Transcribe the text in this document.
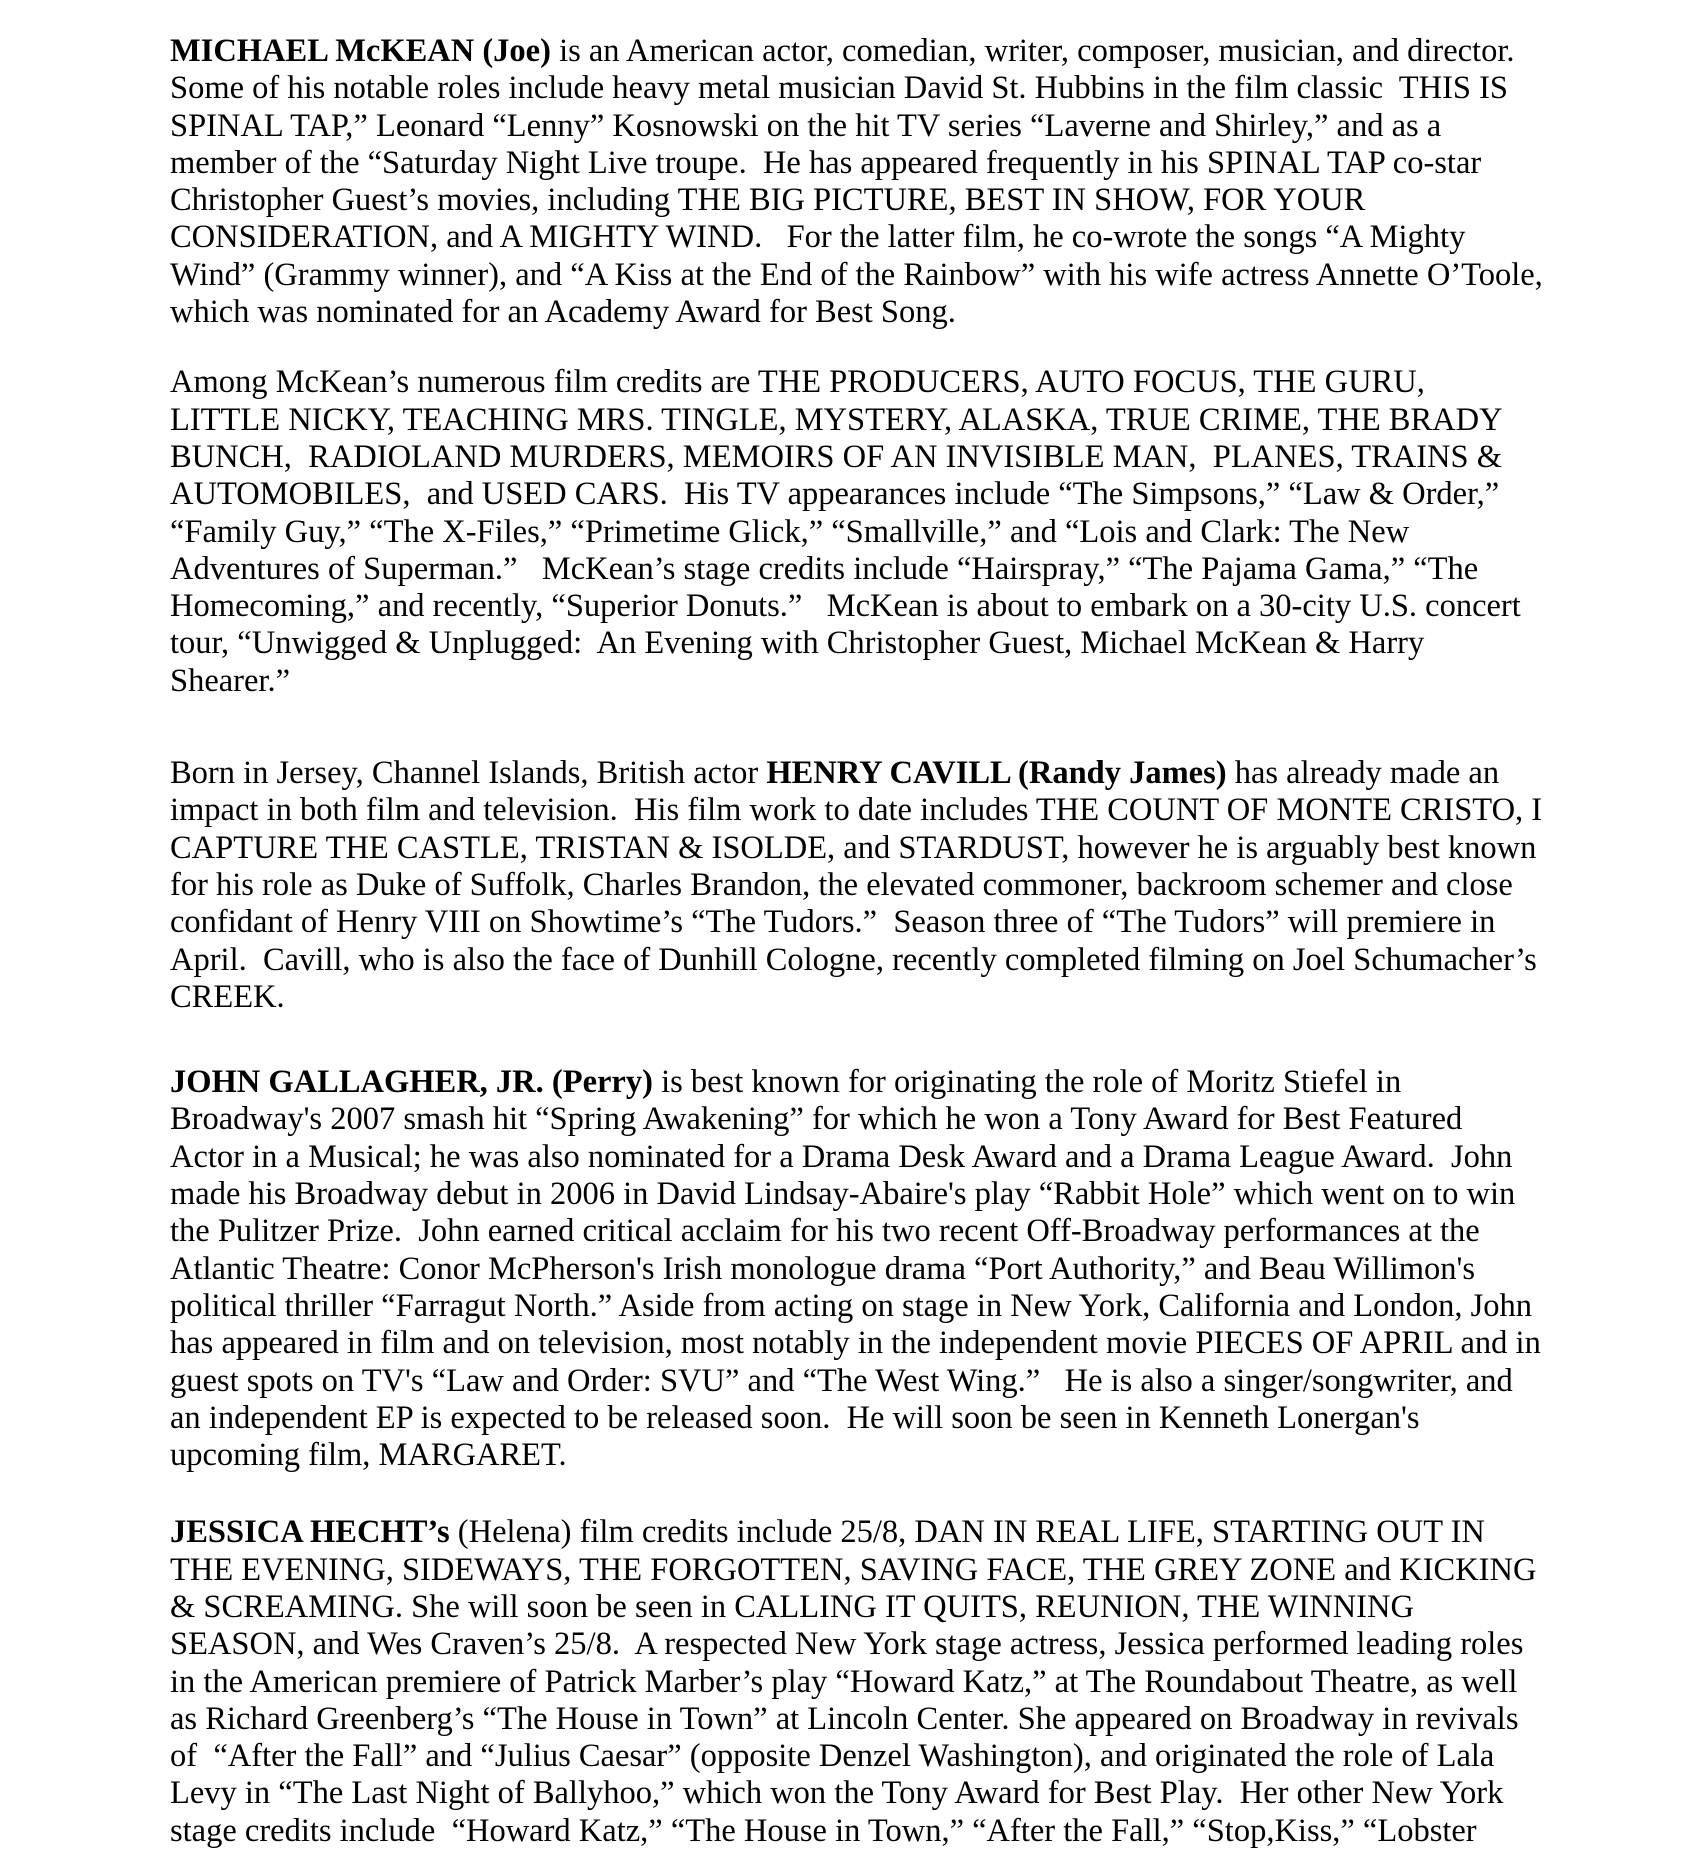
MICHAEL McKEAN (Joe) is an American actor, comedian, writer, composer, musician, and director.
Some of his notable roles include heavy metal musician David St. Hubbins in the film classic  THIS IS
SPINAL TAP,” Leonard “Lenny” Kosnowski on the hit TV series “Laverne and Shirley,” and as a
member of the “Saturday Night Live troupe.  He has appeared frequently in his SPINAL TAP co-star
Christopher Guest’s movies, including THE BIG PICTURE, BEST IN SHOW, FOR YOUR
CONSIDERATION, and A MIGHTY WIND.   For the latter film, he co-wrote the songs “A Mighty
Wind” (Grammy winner), and “A Kiss at the End of the Rainbow” with his wife actress Annette O’Toole,
which was nominated for an Academy Award for Best Song.
Among McKean’s numerous film credits are THE PRODUCERS, AUTO FOCUS, THE GURU,
LITTLE NICKY, TEACHING MRS. TINGLE, MYSTERY, ALASKA, TRUE CRIME, THE BRADY
BUNCH,  RADIOLAND MURDERS, MEMOIRS OF AN INVISIBLE MAN,  PLANES, TRAINS &
AUTOMOBILES,  and USED CARS.  His TV appearances include “The Simpsons,” “Law & Order,”
“Family Guy,” “The X-Files,” “Primetime Glick,” “Smallville,” and “Lois and Clark: The New
Adventures of Superman.”   McKean’s stage credits include “Hairspray,” “The Pajama Gama,” “The
Homecoming,” and recently, “Superior Donuts.”   McKean is about to embark on a 30-city U.S. concert
tour, “Unwigged & Unplugged:  An Evening with Christopher Guest, Michael McKean & Harry
Shearer.”
Born in Jersey, Channel Islands, British actor HENRY CAVILL (Randy James) has already made an
impact in both film and television.  His film work to date includes THE COUNT OF MONTE CRISTO, I
CAPTURE THE CASTLE, TRISTAN & ISOLDE, and STARDUST, however he is arguably best known
for his role as Duke of Suffolk, Charles Brandon, the elevated commoner, backroom schemer and close
confidant of Henry VIII on Showtime’s “The Tudors.”  Season three of “The Tudors” will premiere in
April.  Cavill, who is also the face of Dunhill Cologne, recently completed filming on Joel Schumacher’s
CREEK.
JOHN GALLAGHER, JR. (Perry) is best known for originating the role of Moritz Stiefel in
Broadway's 2007 smash hit “Spring Awakening” for which he won a Tony Award for Best Featured
Actor in a Musical; he was also nominated for a Drama Desk Award and a Drama League Award.  John
made his Broadway debut in 2006 in David Lindsay-Abaire's play “Rabbit Hole” which went on to win
the Pulitzer Prize.  John earned critical acclaim for his two recent Off-Broadway performances at the
Atlantic Theatre: Conor McPherson's Irish monologue drama “Port Authority,” and Beau Willimon's
political thriller “Farragut North.” Aside from acting on stage in New York, California and London, John
has appeared in film and on television, most notably in the independent movie PIECES OF APRIL and in
guest spots on TV's “Law and Order: SVU” and “The West Wing.”   He is also a singer/songwriter, and
an independent EP is expected to be released soon.  He will soon be seen in Kenneth Lonergan's
upcoming film, MARGARET.
JESSICA HECHT’s (Helena) film credits include 25/8, DAN IN REAL LIFE, STARTING OUT IN
THE EVENING, SIDEWAYS, THE FORGOTTEN, SAVING FACE, THE GREY ZONE and KICKING
& SCREAMING. She will soon be seen in CALLING IT QUITS, REUNION, THE WINNING
SEASON, and Wes Craven’s 25/8.  A respected New York stage actress, Jessica performed leading roles
in the American premiere of Patrick Marber’s play “Howard Katz,” at The Roundabout Theatre, as well
as Richard Greenberg’s “The House in Town” at Lincoln Center. She appeared on Broadway in revivals
of  “After the Fall” and “Julius Caesar” (opposite Denzel Washington), and originated the role of Lala
Levy in “The Last Night of Ballyhoo,” which won the Tony Award for Best Play.  Her other New York
stage credits include  “Howard Katz,” “The House in Town,” “After the Fall,” “Stop,Kiss,” “Lobster
